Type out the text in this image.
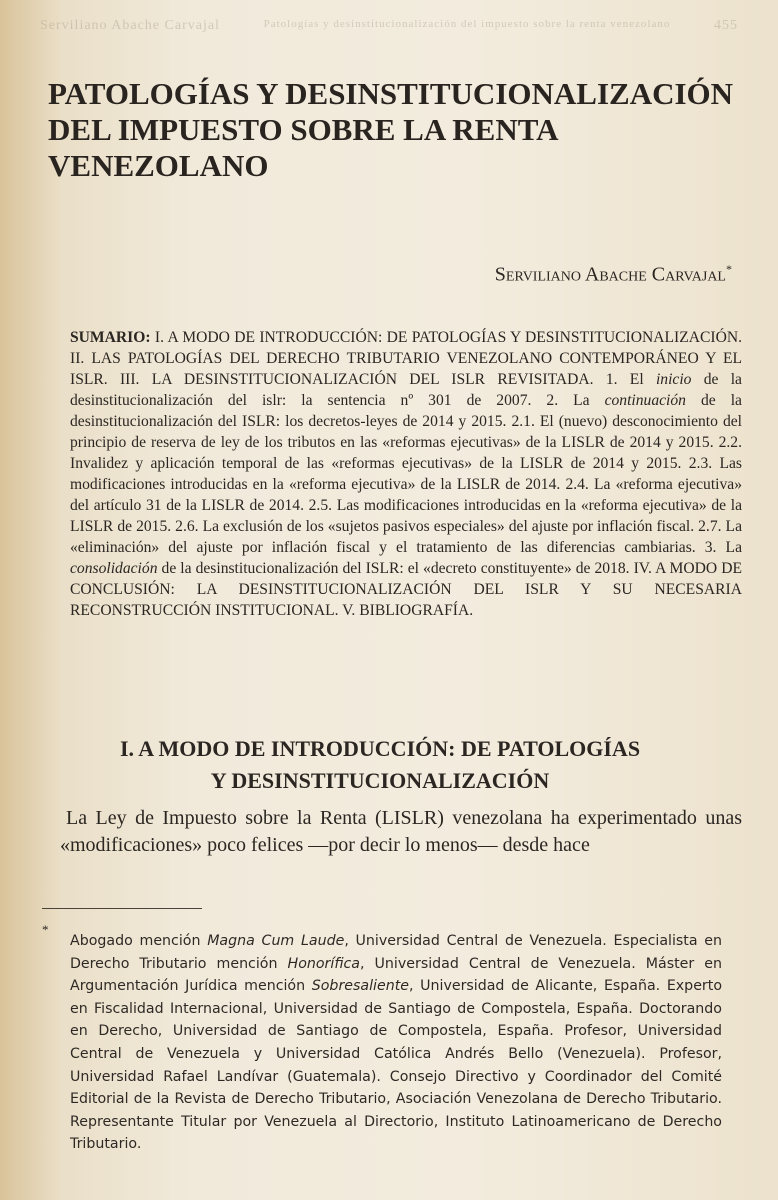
Serviliano Abache Carvajal	Patologías y desinstitucionalización del impuesto sobre la renta venezolano	455
PATOLOGÍAS Y DESINSTITUCIONALIZACIÓN
DEL IMPUESTO SOBRE LA RENTA
VENEZOLANO
Serviliano Abache Carvajal*

SUMARIO: I. A MODO DE INTRODUCCIÓN: DE PATOLOGÍAS Y DESINSTITUCIONALIZACIÓN. II. LAS PATOLOGÍAS DEL DERECHO TRIBUTARIO VENEZOLANO CONTEMPORÁNEO Y EL ISLR. III. LA DESINSTITUCIONALIZACIÓN DEL ISLR REVISITADA. 1. El inicio de la desinstitucionalización del islr: la sentencia nº 301 de 2007. 2. La continuación de la desinstitucionalización del ISLR: los decretos-leyes de 2014 y 2015. 2.1. El (nuevo) desconocimiento del principio de reserva de ley de los tributos en las «reformas ejecutivas» de la LISLR de 2014 y 2015. 2.2. Invalidez y aplicación temporal de las «reformas ejecutivas» de la LISLR de 2014 y 2015. 2.3. Las modificaciones introducidas en la «reforma ejecutiva» de la LISLR de 2014. 2.4. La «reforma ejecutiva» del artículo 31 de la LISLR de 2014. 2.5. Las modificaciones introducidas en la «reforma ejecutiva» de la LISLR de 2015. 2.6. La exclusión de los «sujetos pasivos especiales» del ajuste por inflación fiscal. 2.7. La «eliminación» del ajuste por inflación fiscal y el tratamiento de las diferencias cambiarias. 3. La consolidación de la desinstitucionalización del ISLR: el «decreto constituyente» de 2018. IV. A MODO DE CONCLUSIÓN: LA DESINSTITUCIONALIZACIÓN DEL ISLR Y SU NECESARIA RECONSTRUCCIÓN INSTITUCIONAL. V. BIBLIOGRAFÍA.

I. A MODO DE INTRODUCCIÓN: DE PATOLOGÍAS
Y DESINSTITUCIONALIZACIÓN

La Ley de Impuesto sobre la Renta (LISLR) venezolana ha experimentado unas «modificaciones» poco felices —por decir lo menos— desde hace

*

Abogado mención Magna Cum Laude, Universidad Central de Venezuela. Especialista en Derecho Tributario mención Honorífica, Universidad Central de Venezuela. Máster en Argumentación Jurídica mención Sobresaliente, Universidad de Alicante, España. Experto en Fiscalidad Internacional, Universidad de Santiago de Compostela, España. Doctorando en Derecho, Universidad de Santiago de Compostela, España. Profesor, Universidad Central de Venezuela y Universidad Católica Andrés Bello (Venezuela). Profesor, Universidad Rafael Landívar (Guatemala). Consejo Directivo y Coordinador del Comité Editorial de la Revista de Derecho Tributario, Asociación Venezolana de Derecho Tributario. Representante Titular por Venezuela al Directorio, Instituto Latinoamericano de Derecho Tributario.
